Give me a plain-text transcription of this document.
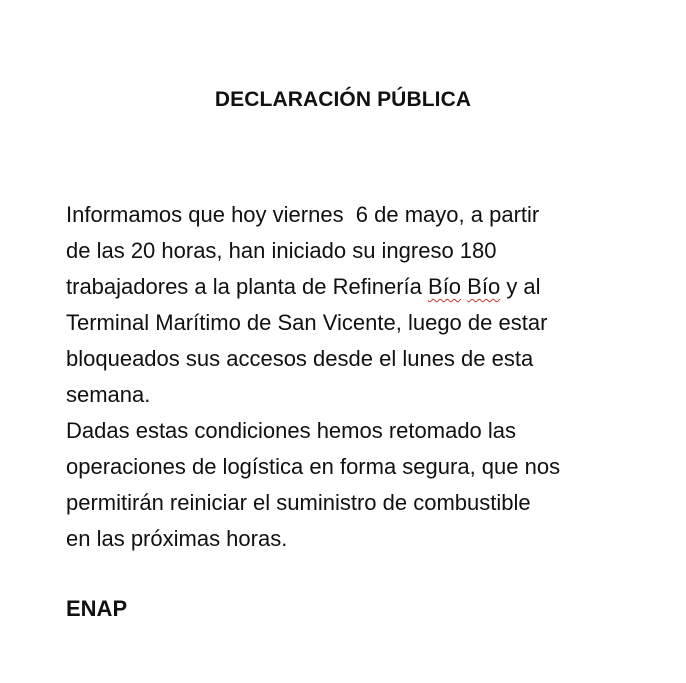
DECLARACIÓN PÚBLICA
Informamos que hoy viernes  6 de mayo, a partir
de las 20 horas, han iniciado su ingreso 180
trabajadores a la planta de Refinería Bío Bío y al
Terminal Marítimo de San Vicente, luego de estar
bloqueados sus accesos desde el lunes de esta
semana.
Dadas estas condiciones hemos retomado las
operaciones de logística en forma segura, que nos
permitirán reiniciar el suministro de combustible
en las próximas horas.

ENAP
